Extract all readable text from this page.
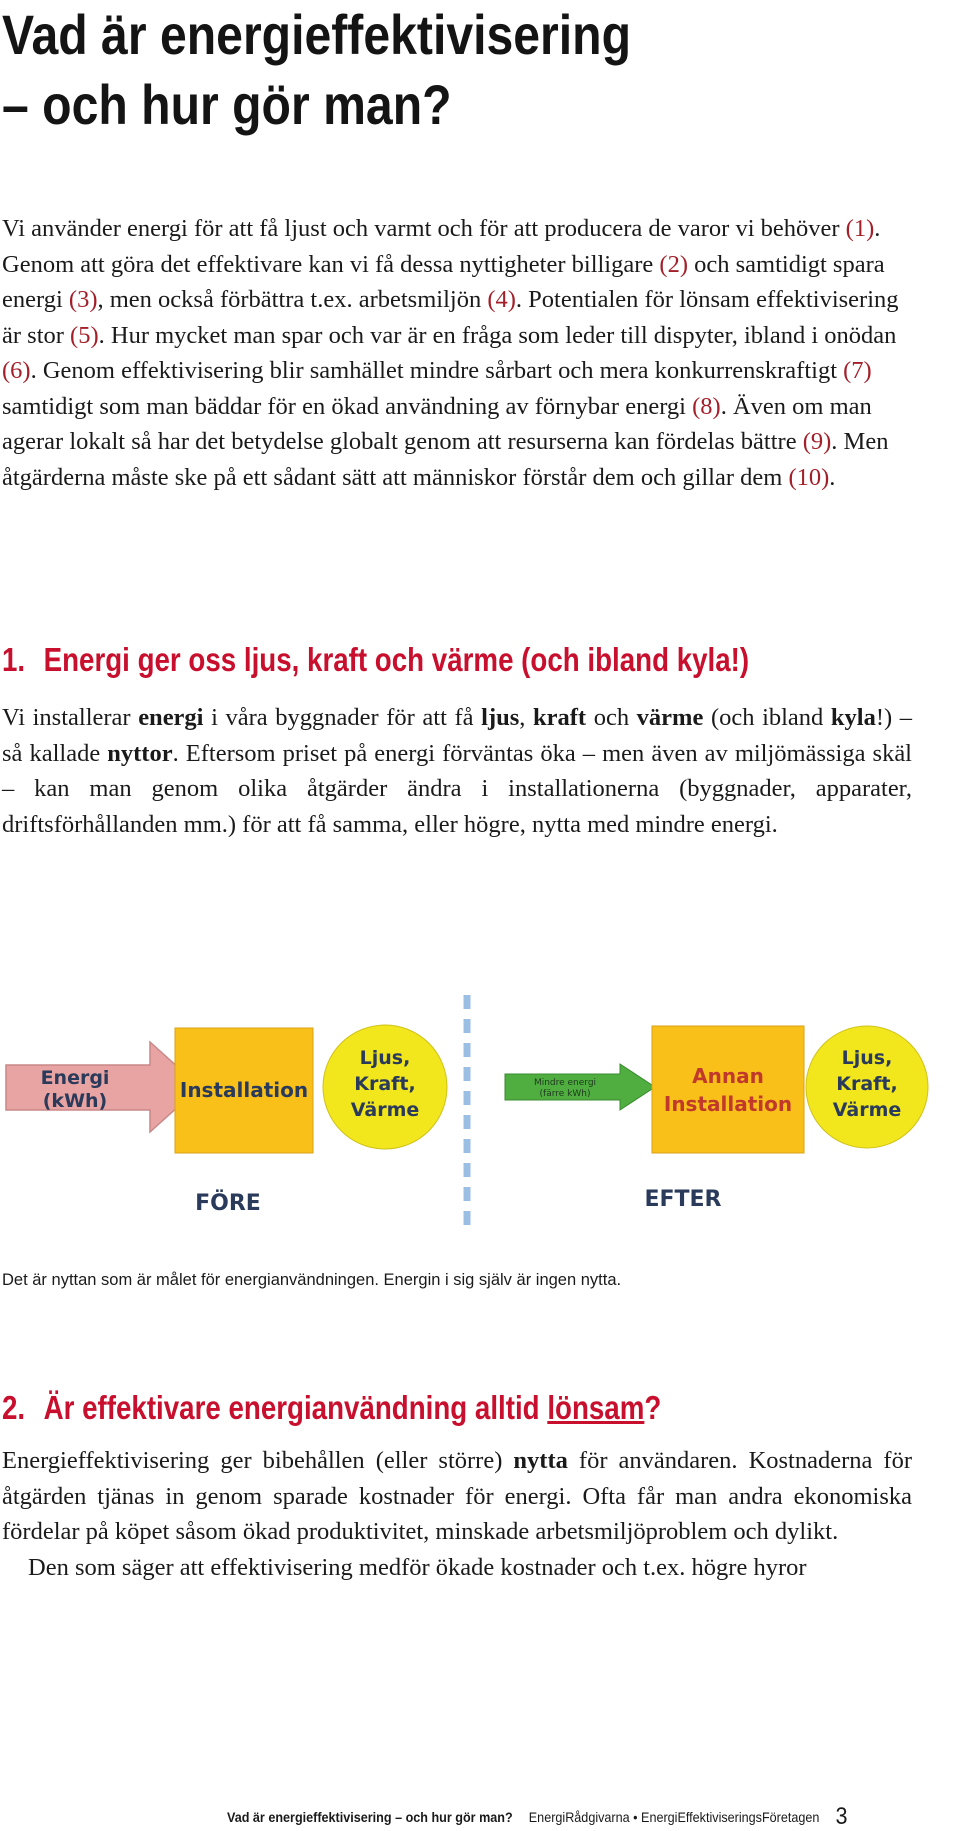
Vad är energieffektivisering
– och hur gör man?

Vi använder energi för att få ljust och varmt och för att producera de varor vi behöver (1). Genom att göra det effektivare kan vi få dessa nyttigheter billigare (2) och samtidigt spara energi (3), men också förbättra t.ex. arbetsmiljön (4). Potentialen för lönsam effektivisering är stor (5). Hur mycket man spar och var är en fråga som leder till dispyter, ibland i onödan (6). Genom effektivisering blir samhället mindre sårbart och mera konkurrenskraftigt (7) samtidigt som man bäddar för en ökad användning av förnybar energi (8). Även om man agerar lokalt så har det betydelse globalt genom att resurserna kan fördelas bättre (9). Men åtgärderna måste ske på ett sådant sätt att människor förstår dem och gillar dem (10).

1. Energi ger oss ljus, kraft och värme (och ibland kyla!)

Vi installerar energi i våra byggnader för att få ljus, kraft och värme (och ibland kyla!) – så kallade nyttor. Eftersom priset på energi förväntas öka – men även av miljömässiga skäl – kan man genom olika åtgärder ändra i installationerna (byggnader, apparater, driftsförhållanden mm.) för att få samma, eller högre, nytta med mindre energi.

Energi
(kWh)	Installation
Ljus,
Kraft,
Värme
Mindre energi
(färre kWh)
Annan
Installation
Ljus,
Kraft,
Värme
FÖRE	EFTER
Det är nyttan som är målet för energianvändningen. Energin i sig själv är ingen nytta.
2. Är effektivare energianvändning alltid lönsam?

Energieffektivisering ger bibehållen (eller större) nytta för användaren. Kostnaderna för åtgärden tjänas in genom sparade kostnader för energi. Ofta får man andra ekonomiska fördelar på köpet såsom ökad produktivitet, minskade arbetsmiljöproblem och dylikt.

Den som säger att effektivisering medför ökade kostnader och t.ex. högre hyror

Vad är energieffektivisering – och hur gör man? EnergiRådgivarna • EnergiEffektiviseringsFöretagen 3
